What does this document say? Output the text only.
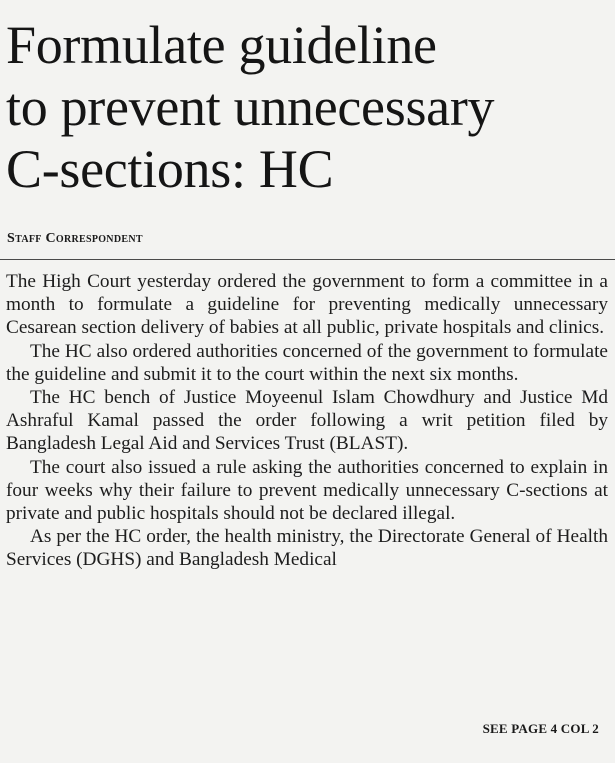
Formulate guideline
to prevent unnecessary
C-sections: HC
Staff Correspondent

The High Court yesterday ordered the government to form a committee in a month to formulate a guideline for preventing medically unnecessary Cesarean section delivery of babies at all public, private hospitals and clinics.

The HC also ordered authorities concerned of the government to formulate the guideline and submit it to the court within the next six months.

The HC bench of Justice Moyeenul Islam Chowdhury and Justice Md Ashraful Kamal passed the order following a writ petition filed by Bangladesh Legal Aid and Services Trust (BLAST).

The court also issued a rule asking the authorities concerned to explain in four weeks why their failure to prevent medically unnecessary C-sections at private and public hospitals should not be declared illegal.

As per the HC order, the health ministry, the Directorate General of Health Services (DGHS) and Bangladesh Medical

SEE PAGE 4 COL 2
